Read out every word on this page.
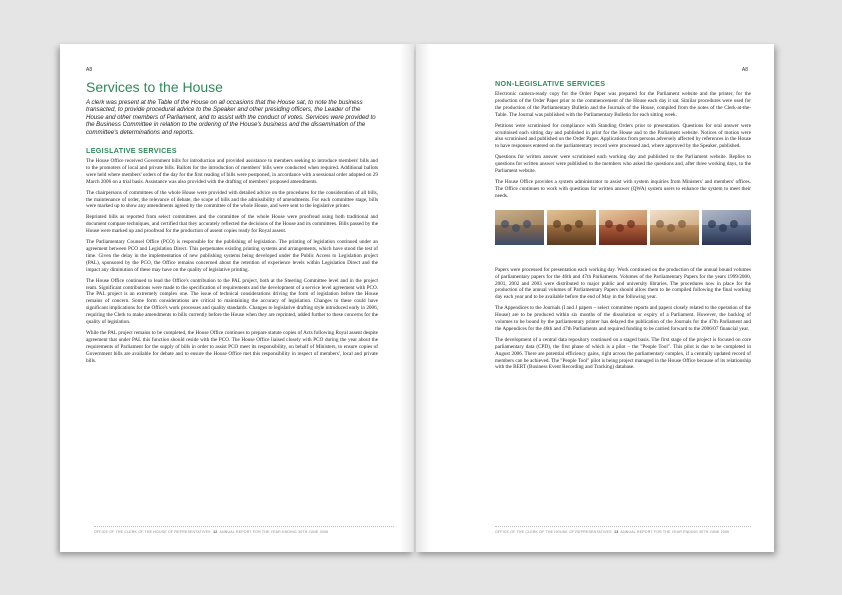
A8
Services to the House

A clerk was present at the Table of the House on all occasions that the House sat, to note the business transacted, to provide procedural advice to the Speaker and other presiding officers, the Leader of the House and other members of Parliament, and to assist with the conduct of votes. Services were provided to the Business Committee in relation to the ordering of the House's business and the dissemination of the committee's determinations and reports.

LEGISLATIVE SERVICES

The House Office received Government bills for introduction and provided assistance to members seeking to introduce members' bills and to the promoters of local and private bills. Ballots for the introduction of members' bills were conducted when required. Additional ballots were held where members' orders of the day for the first reading of bills were postponed, in accordance with a sessional order adopted on 29 March 2006 on a trial basis. Assistance was also provided with the drafting of members' proposed amendments.

The chairpersons of committees of the whole House were provided with detailed advice on the procedures for the consideration of all bills, the maintenance of order, the relevance of debate, the scope of bills and the admissibility of amendments. For each committee stage, bills were marked up to show any amendments agreed by the committee of the whole House, and were sent to the legislative printer.

Reprinted bills as reported from select committees and the committee of the whole House were proofread using both traditional and document compare techniques, and certified that they accurately reflected the decisions of the House and its committees. Bills passed by the House were marked up and proofread for the production of assent copies ready for Royal assent.

The Parliamentary Counsel Office (PCO) is responsible for the publishing of legislation. The printing of legislation continued under an agreement between PCO and Legislation Direct. This perpetuates existing printing systems and arrangements, which have stood the test of time. Given the delay in the implementation of new publishing systems being developed under the Public Access to Legislation project (PAL), sponsored by the PCO, the Office remains concerned about the retention of experience levels within Legislation Direct and the impact any diminution of these may have on the quality of legislative printing.

The House Office continued to lead the Office's contribution to the PAL project, both at the Steering Committee level and in the project team. Significant contributions were made to the specification of requirements and the development of a service level agreement with PCO. The PAL project is an extremely complex one. The issue of technical considerations driving the form of legislation before the House remains of concern. Some form considerations are critical to maintaining the accuracy of legislation. Changes to these could have significant implications for the Office's work processes and quality standards. Changes to legislative drafting style introduced early in 2006, requiring the Clerk to make amendments to bills currently before the House when they are reprinted, added further to these concerns for the quality of legislation.

While the PAL project remains to be completed, the House Office continues to prepare statute copies of Acts following Royal assent despite agreement that under PAL this function should reside with the PCO. The House Office liaised closely with PCO during the year about the requirements of Parliament for the supply of bills in order to assist PCO meet its responsibility, on behalf of Ministers, to ensure copies of Government bills are available for debate and to ensure the House Office met this responsibility in respect of members', local and private bills.

OFFICE OF THE CLERK OF THE HOUSE OF REPRESENTATIVES 12 ANNUAL REPORT FOR THE YEAR ENDING 30TH JUNE 2006
A8
NON-LEGISLATIVE SERVICES

Electronic camera-ready copy for the Order Paper was prepared for the Parliament website and the printer, for the production of the Order Paper prior to the commencement of the House each day it sat. Similar procedures were used for the production of the Parliamentary Bulletin and the Journals of the House, compiled from the notes of the Clerk-at-the-Table. The Journal was published with the Parliamentary Bulletin for each sitting week.

Petitions were scrutinised for compliance with Standing Orders prior to presentation. Questions for oral answer were scrutinised each sitting day and published in print for the House and to the Parliament website. Notices of motion were also scrutinised and published on the Order Paper. Applications from persons adversely affected by references in the House to have responses entered on the parliamentary record were processed and, where approved by the Speaker, published.

Questions for written answer were scrutinised each working day and published to the Parliament website. Replies to questions for written answer were published to the members who asked the questions and, after three working days, to the Parliament website.

The House Office provides a system administrator to assist with system inquiries from Ministers' and members' offices. The Office continues to work with questions for written answer (QWA) system users to enhance the system to meet their needs.

Papers were processed for presentation each working day. Work continued on the production of the annual bound volumes of parliamentary papers for the 46th and 47th Parliaments. Volumes of the Parliamentary Papers for the years 1999/2000, 2001, 2002 and 2003 were distributed to major public and university libraries. The procedures now in place for the production of the annual volumes of Parliamentary Papers should allow them to be compiled following the final working day each year and to be available before the end of May in the following year.

The Appendices to the Journals (I and J papers – select committee reports and papers closely related to the operation of the House) are to be produced within six months of the dissolution or expiry of a Parliament. However, the backlog of volumes to be bound by the parliamentary printer has delayed the publication of the Journals for the 47th Parliament and the Appendices for the 46th and 47th Parliaments and required funding to be carried forward to the 2006/07 financial year.

The development of a central data repository continued on a staged basis. The first stage of the project is focused on core parliamentary data (CPD), the first phase of which is a pilot – the "People Tool". This pilot is due to be completed in August 2006. There are potential efficiency gains, right across the parliamentary complex, if a centrally updated record of members can be achieved. The "People Tool" pilot is being project managed in the House Office because of its relationship with the BERT (Business Event Recording and Tracking) database.

OFFICE OF THE CLERK OF THE HOUSE OF REPRESENTATIVES 13 ANNUAL REPORT FOR THE YEAR ENDING 30TH JUNE 2006
